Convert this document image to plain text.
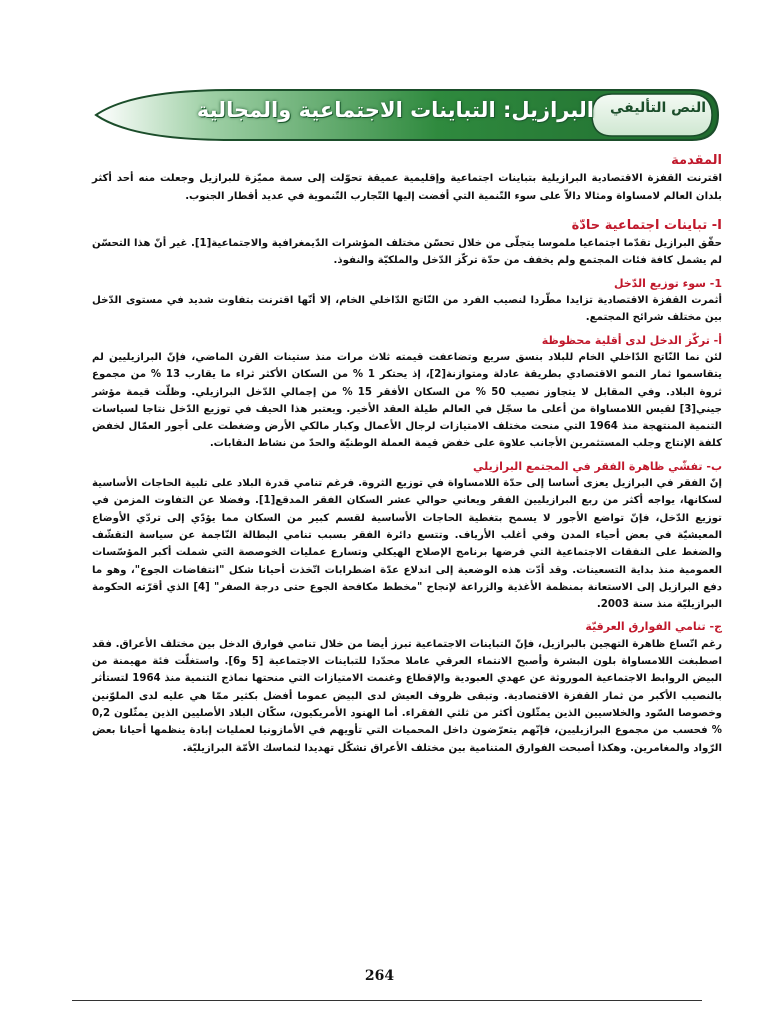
النص التأليفي
البرازيل: التباينات الاجتماعية والمجالية
المقدمة

اقترنت القفزة الاقتصادية البرازيلية بتباينات اجتماعية وإقليمية عميقة تحوّلت إلى سمة مميّزة للبرازيل وجعلت منه أحد أكثر بلدان العالم لامساواة ومثالا دالاّ على سوء التّنمية التي أفضت إليها التّجارب التّنموية في عديد أقطار الجنوب.

I- تباينات اجتماعية حادّة

حقّق البرازيل تقدّما اجتماعيا ملموسا يتجلّى من خلال تحسّن مختلف المؤشرات الدّيمغرافية والاجتماعية[1]. غير أنّ هذا التحسّن لم يشمل كافة فئات المجتمع ولم يخفف من حدّة تركّز الدّخل والملكيّة والنفوذ.

1- سوء توزيع الدّخل

أثمرت القفزة الاقتصادية تزايدا مطّردا لنصيب الفرد من النّاتج الدّاخلي الخام، إلا أنّها اقترنت بتفاوت شديد في مستوى الدّخل بين مختلف شرائح المجتمع.

أ- تركّز الدخل لدى أقلية محظوظة

لئن نما النّاتج الدّاخلي الخام للبلاد بنسق سريع وتضاعفت قيمته ثلاث مرات منذ ستينات القرن الماضي، فإنّ البرازيليين لم يتقاسموا ثمار النمو الاقتصادي بطريقة عادلة ومتوازنة[2]، إذ يحتكر 1 % من السكان الأكثر ثراء ما يقارب 13 % من مجموع ثروة البلاد. وفي المقابل لا يتجاوز نصيب 50 % من السكان الأفقر 15 % من إجمالي الدّخل البرازيلي. وظلّت قيمة مؤشر جيني[3] لقيس اللامساواة من أعلى ما سجّل في العالم طيلة العقد الأخير. ويعتبر هذا الحيف في توزيع الدّخل نتاجا لسياسات التنمية المنتهجة منذ 1964 التي منحت مختلف الامتيازات لرجال الأعمال وكبار مالكي الأرض وضغطت على أجور العمّال لخفض كلفة الإنتاج وجلب المستثمرين الأجانب علاوة على خفض قيمة العملة الوطنيّة والحدّ من نشاط النقابات.

ب- تفشّي ظاهرة الفقر في المجتمع البرازيلي

إنّ الفقر في البرازيل يعزى أساسا إلى حدّة اللامساواة في توزيع الثروة. فرغم تنامي قدرة البلاد على تلبية الحاجات الأساسية لسكانها، يواجه أكثر من ربع البرازيليين الفقر ويعاني حوالي عشر السكان الفقر المدقع[1]. وفضلا عن التفاوت المزمن في توزيع الدّخل، فإنّ تواضع الأجور لا يسمح بتغطية الحاجات الأساسية لقسم كبير من السكان مما يؤدّي إلى تردّي الأوضاع المعيشيّة في بعض أحياء المدن وفي أغلب الأرياف. وتتسع دائرة الفقر بسبب تنامي البطالة النّاجمة عن سياسة التقشّف والضغط على النفقات الاجتماعية التي فرضها برنامج الإصلاح الهيكلي وتسارع عمليات الخوصصة التي شملت أكبر المؤسّسات العمومية منذ بداية التسعينات. وقد أدّت هذه الوضعية إلى اندلاع عدّة اضطرابات اتّخذت أحيانا شكل "انتفاضات الجوع"، وهو ما دفع البرازيل إلى الاستعانة بمنظمة الأغذية والزراعة لإنجاح "مخطط مكافحة الجوع حتى درجة الصفر" [4] الذي أقرّته الحكومة البرازيليّة منذ سنة 2003.

ج- تنامي الفوارق العرقيّة

رغم اتّساع ظاهرة التهجين بالبرازيل، فإنّ التباينات الاجتماعية تبرز أيضا من خلال تنامي فوارق الدخل بين مختلف الأعراق. فقد اصطبغت اللامساواة بلون البشرة وأصبح الانتماء العرقي عاملا محدّدا للتباينات الاجتماعية [5 و6]. واستغلّت فئة مهيمنة من البيض الروابط الاجتماعية الموروثة عن عهدي العبودية والإقطاع وغنمت الامتيازات التي منحتها نماذج التنمية منذ 1964 لتستأثر بالنصيب الأكبر من ثمار القفزة الاقتصادية. وتبقى ظروف العيش لدى البيض عموما أفضل بكثير ممّا هي عليه لدى الملوّنين وخصوصا السّود والخلاسيين الذين يمثّلون أكثر من ثلثي الفقراء. أما الهنود الأمريكيون، سكّان البلاد الأصليين الذين يمثّلون 0,2 % فحسب من مجموع البرازيليين، فإنّهم يتعرّضون داخل المحميات التي تأويهم في الأمازونيا لعمليات إبادة ينظمها أحيانا بعض الرّواد والمغامرين. وهكذا أصبحت الفوارق المتنامية بين مختلف الأعراق تشكّل تهديدا لتماسك الأمّة البرازيليّة.

264
